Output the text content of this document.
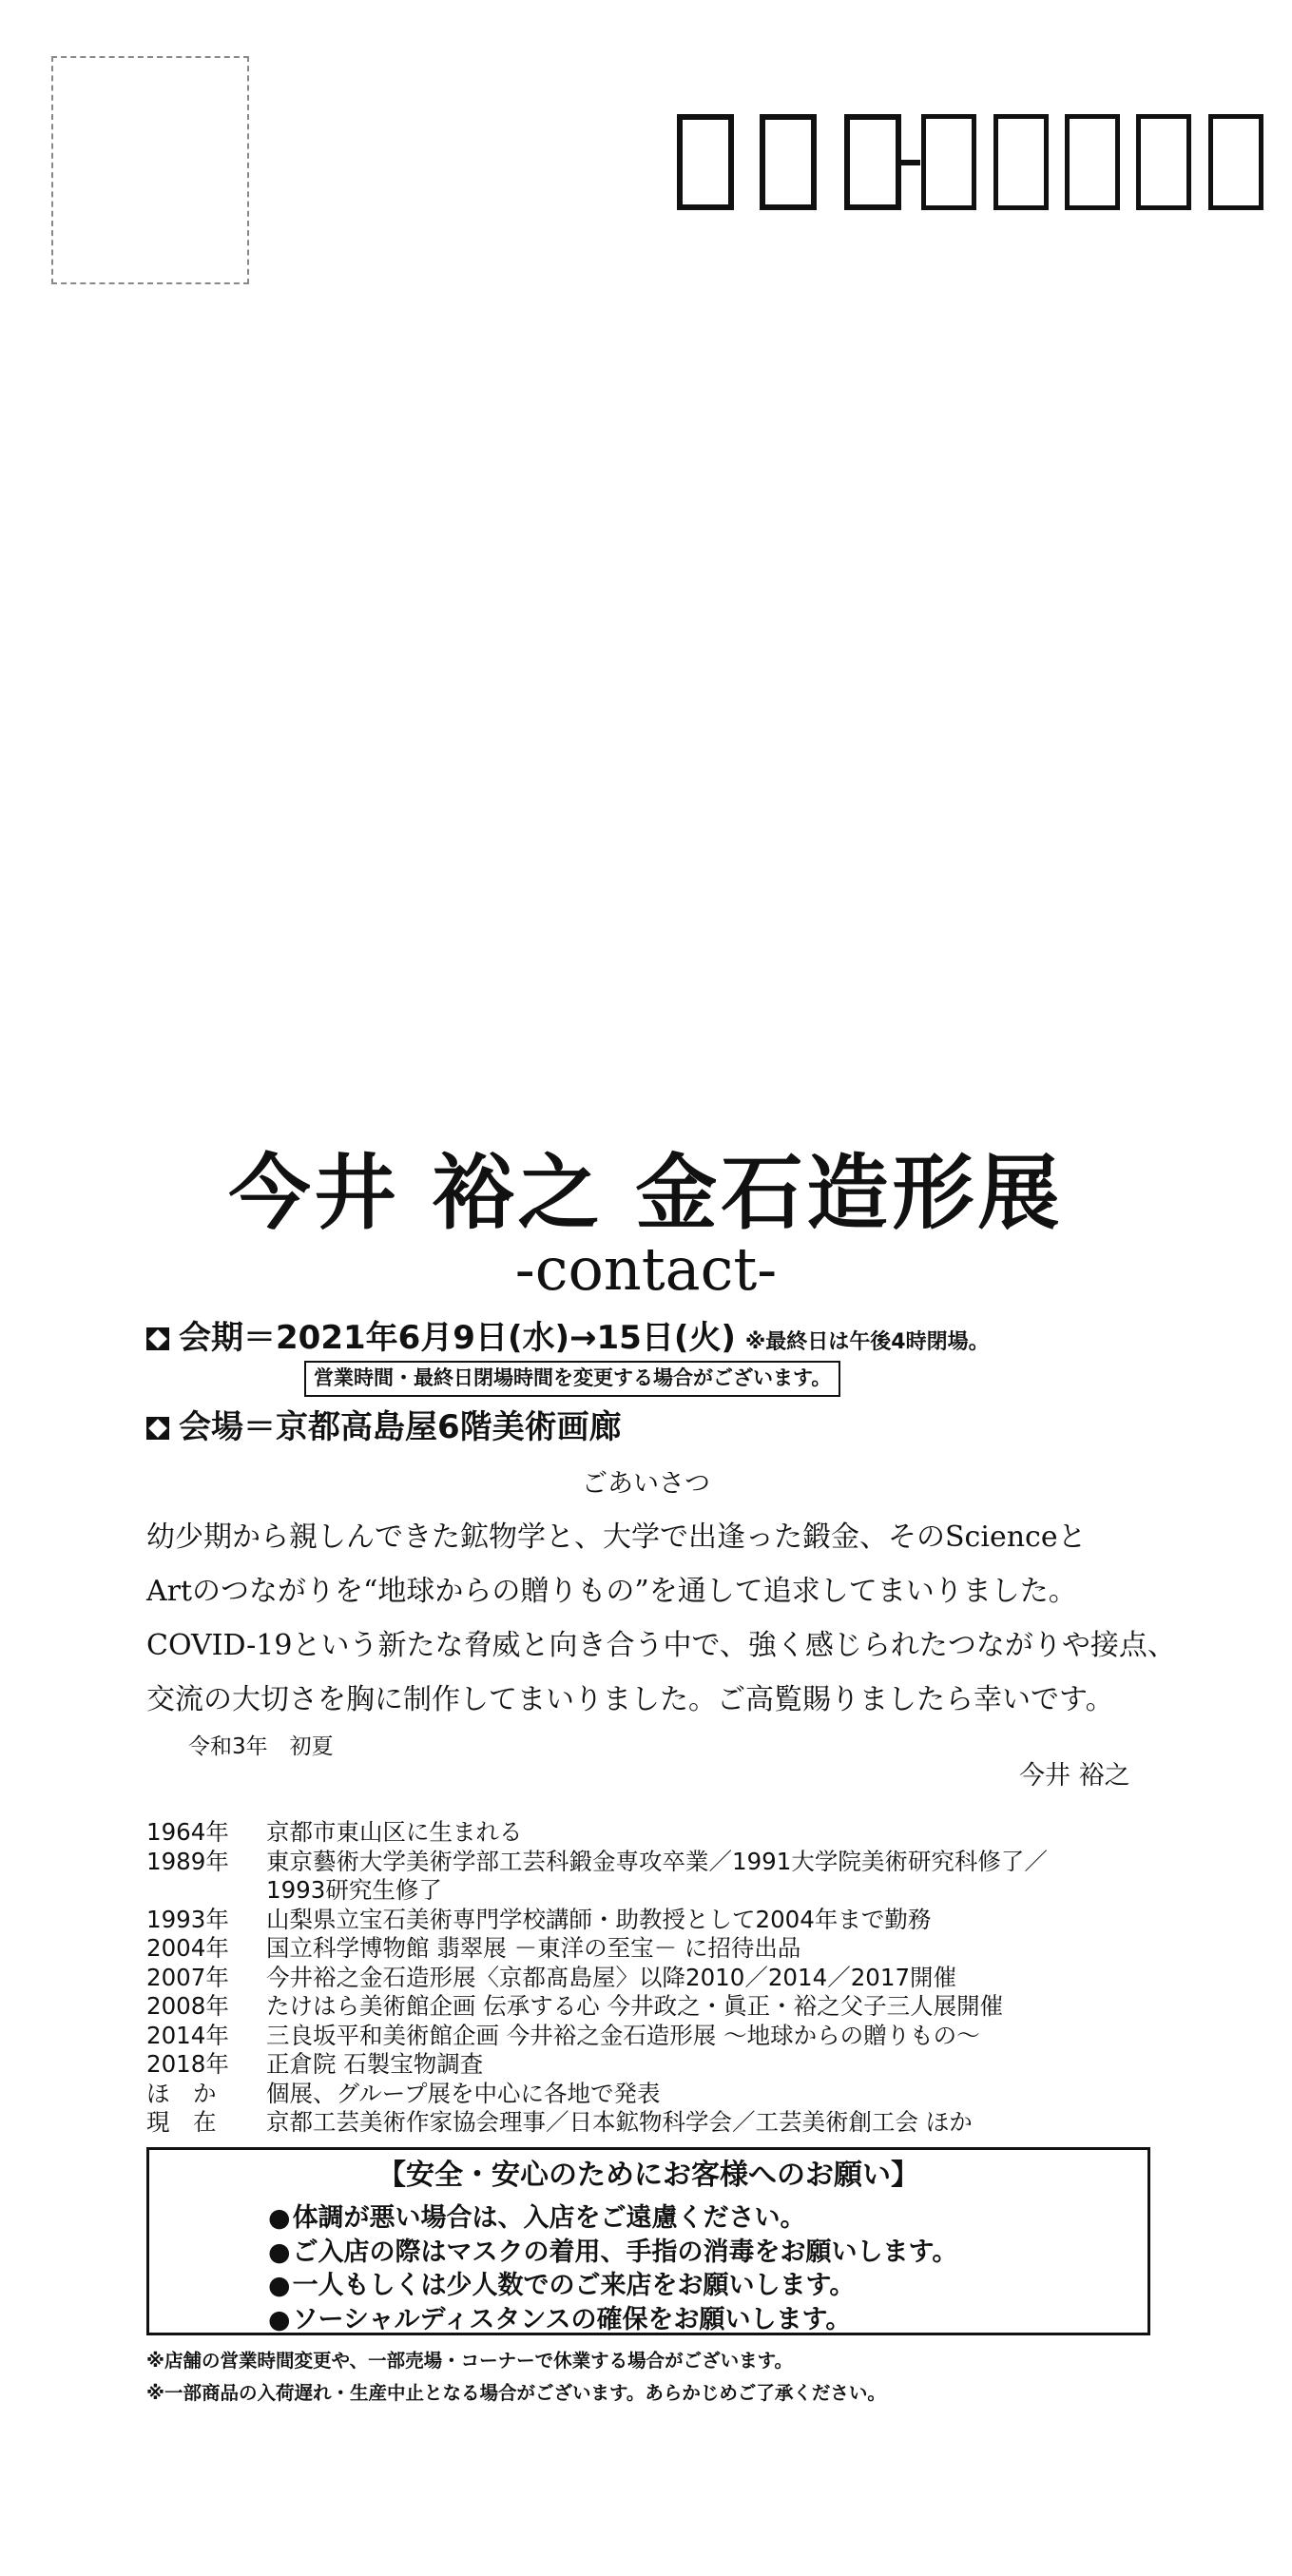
今井 裕之 金石造形展
-contact-
会期＝2021年6月9日(水)→15日(火) ※最終日は午後4時閉場。
営業時間・最終日閉場時間を変更する場合がございます。
会場＝京都高島屋6階美術画廊
ごあいさつ
幼少期から親しんできた鉱物学と、大学で出逢った鍛金、そのScienceと
Artのつながりを“地球からの贈りもの”を通して追求してまいりました。
COVID-19という新たな脅威と向き合う中で、強く感じられたつながりや接点、
交流の大切さを胸に制作してまいりました。ご高覧賜りましたら幸いです。
令和3年　初夏
今井 裕之
1964年	京都市東山区に生まれる
1989年	東京藝術大学美術学部工芸科鍛金専攻卒業／1991大学院美術研究科修了／
1993研究生修了
1993年	山梨県立宝石美術専門学校講師・助教授として2004年まで勤務
2004年	国立科学博物館 翡翠展 －東洋の至宝－ に招待出品
2007年	今井裕之金石造形展〈京都髙島屋〉以降2010／2014／2017開催
2008年	たけはら美術館企画 伝承する心 今井政之・眞正・裕之父子三人展開催
2014年	三良坂平和美術館企画 今井裕之金石造形展 ～地球からの贈りもの～
2018年	正倉院 石製宝物調査
ほ　か	個展、グループ展を中心に各地で発表
現　在	京都工芸美術作家協会理事／日本鉱物科学会／工芸美術創工会 ほか
【安全・安心のためにお客様へのお願い】
● 体調が悪い場合は、入店をご遠慮ください。
● ご入店の際はマスクの着用、手指の消毒をお願いします。
● 一人もしくは少人数でのご来店をお願いします。
● ソーシャルディスタンスの確保をお願いします。
※店舗の営業時間変更や、一部売場・コーナーで休業する場合がございます。
※一部商品の入荷遅れ・生産中止となる場合がございます。あらかじめご了承ください。
